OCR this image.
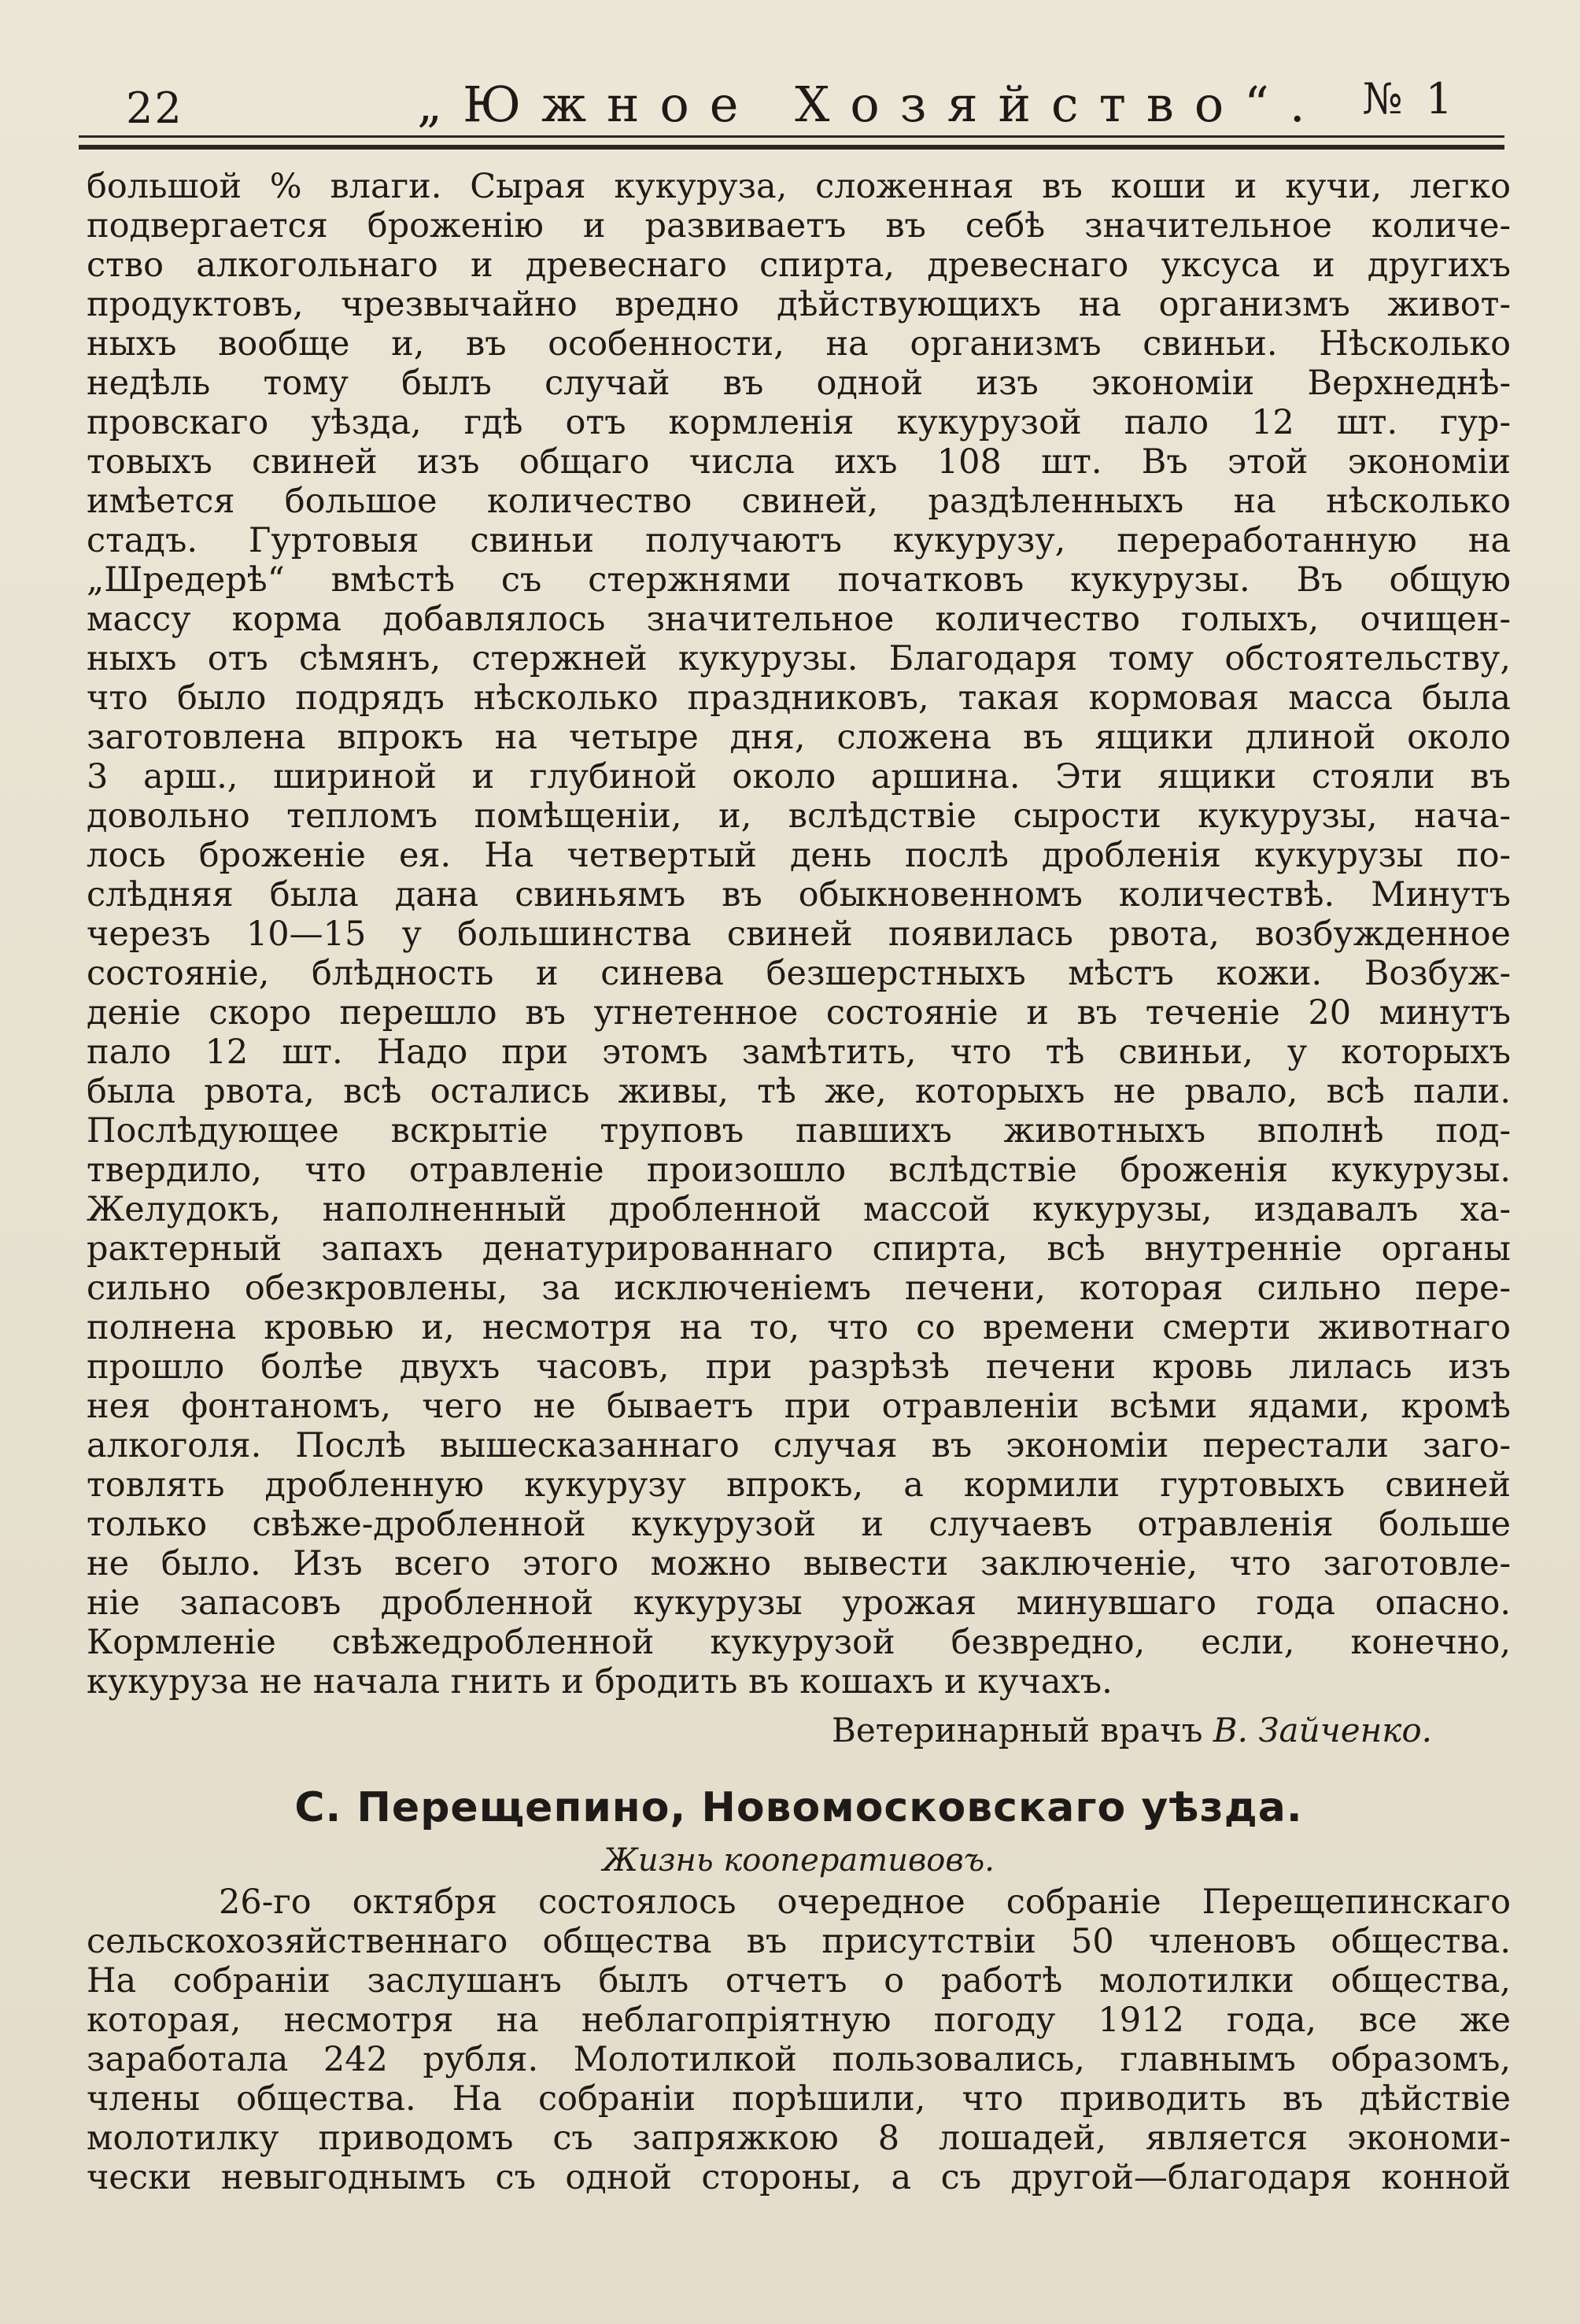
22	„Южное Хозяйство“. № 1
большой % влаги. Сырая кукуруза, сложенная въ коши и кучи, легко
подвергается броженію и развиваетъ въ себѣ значительное количе-
ство алкогольнаго и древеснаго спирта, древеснаго уксуса и другихъ
продуктовъ, чрезвычайно вредно дѣйствующихъ на организмъ живот-
ныхъ вообще и, въ особенности, на организмъ свиньи. Нѣсколько
недѣль тому былъ случай въ одной изъ экономіи Верхнеднѣ-
провскаго уѣзда, гдѣ отъ кормленія кукурузой пало 12 шт. гур-
товыхъ свиней изъ общаго числа ихъ 108 шт. Въ этой экономіи
имѣется большое количество свиней, раздѣленныхъ на нѣсколько
стадъ. Гуртовыя свиньи получаютъ кукурузу, переработанную на
„Шредерѣ“ вмѣстѣ съ стержнями початковъ кукурузы. Въ общую
массу корма добавлялось значительное количество голыхъ, очищен-
ныхъ отъ сѣмянъ, стержней кукурузы. Благодаря тому обстоятельству,
что было подрядъ нѣсколько праздниковъ, такая кормовая масса была
заготовлена впрокъ на четыре дня, сложена въ ящики длиной около
3 арш., шириной и глубиной около аршина. Эти ящики стояли въ
довольно тепломъ помѣщеніи, и, вслѣдствіе сырости кукурузы, нача-
лось броженіе ея. На четвертый день послѣ дробленія кукурузы по-
слѣдняя была дана свиньямъ въ обыкновенномъ количествѣ. Минутъ
черезъ 10—15 у большинства свиней появилась рвота, возбужденное
состояніе, блѣдность и синева безшерстныхъ мѣстъ кожи. Возбуж-
деніе скоро перешло въ угнетенное состояніе и въ теченіе 20 минутъ
пало 12 шт. Надо при этомъ замѣтить, что тѣ свиньи, у которыхъ
была рвота, всѣ остались живы, тѣ же, которыхъ не рвало, всѣ пали.
Послѣдующее вскрытіе труповъ павшихъ животныхъ вполнѣ под-
твердило, что отравленіе произошло вслѣдствіе броженія кукурузы.
Желудокъ, наполненный дробленной массой кукурузы, издавалъ ха-
рактерный запахъ денатурированнаго спирта, всѣ внутренніе органы
сильно обезкровлены, за исключеніемъ печени, которая сильно пере-
полнена кровью и, несмотря на то, что со времени смерти животнаго
прошло болѣе двухъ часовъ, при разрѣзѣ печени кровь лилась изъ
нея фонтаномъ, чего не бываетъ при отравленіи всѣми ядами, кромѣ
алкоголя. Послѣ вышесказаннаго случая въ экономіи перестали заго-
товлять дробленную кукурузу впрокъ, а кормили гуртовыхъ свиней
только свѣже-дробленной кукурузой и случаевъ отравленія больше
не было. Изъ всего этого можно вывести заключеніе, что заготовле-
ніе запасовъ дробленной кукурузы урожая минувшаго года опасно.
Кормленіе свѣжедробленной кукурузой безвредно, если, конечно,
кукуруза не начала гнить и бродить въ кошахъ и кучахъ.
Ветеринарный врачъ В. Зайченко.
С. Перещепино, Новомосковскаго уѣзда.
Жизнь кооперативовъ.
26-го октября состоялось очередное собраніе Перещепинскаго
сельскохозяйственнаго общества въ присутствіи 50 членовъ общества.
На собраніи заслушанъ былъ отчетъ о работѣ молотилки общества,
которая, несмотря на неблагопріятную погоду 1912 года, все же
заработала 242 рубля. Молотилкой пользовались, главнымъ образомъ,
члены общества. На собраніи порѣшили, что приводить въ дѣйствіе
молотилку приводомъ съ запряжкою 8 лошадей, является экономи-
чески невыгоднымъ съ одной стороны, а съ другой—благодаря конной
